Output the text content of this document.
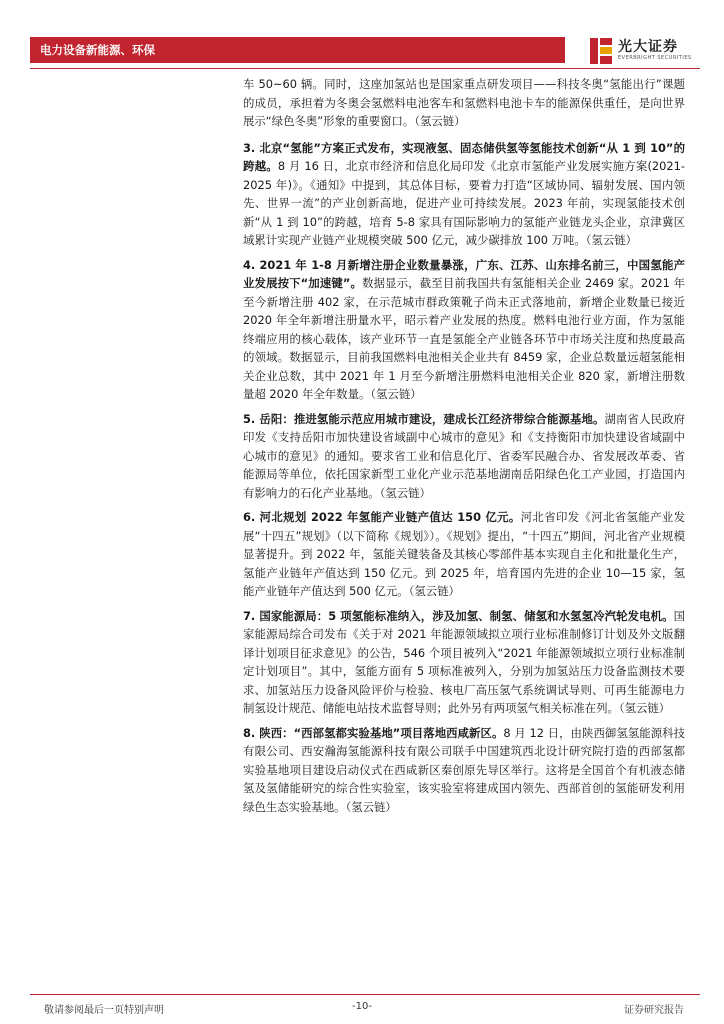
电力设备新能源、环保	光大证券
EVERBRIGHT SECURITIES

车 50~60 辆。同时，这座加氢站也是国家重点研发项目——科技冬奥“氢能出行”课题的成员，承担着为冬奥会氢燃料电池客车和氢燃料电池卡车的能源保供重任，是向世界展示“绿色冬奥”形象的重要窗口。（氢云链）

3. 北京“氢能”方案正式发布，实现液氢、固态储供氢等氢能技术创新“从 1 到 10”的跨越。8 月 16 日，北京市经济和信息化局印发《北京市氢能产业发展实施方案(2021-2025 年)》。《通知》中提到，其总体目标，要着力打造“区域协同、辐射发展、国内领先、世界一流”的产业创新高地，促进产业可持续发展。2023 年前，实现氢能技术创新“从 1 到 10”的跨越，培育 5-8 家具有国际影响力的氢能产业链龙头企业，京津冀区域累计实现产业链产业规模突破 500 亿元，减少碳排放 100 万吨。（氢云链）

4. 2021 年 1-8 月新增注册企业数量暴涨，广东、江苏、山东排名前三，中国氢能产业发展按下“加速键”。数据显示，截至目前我国共有氢能相关企业 2469 家。2021 年至今新增注册 402 家，在示范城市群政策靴子尚未正式落地前，新增企业数量已接近 2020 年全年新增注册量水平，昭示着产业发展的热度。燃料电池行业方面，作为氢能终端应用的核心载体，该产业环节一直是氢能全产业链各环节中市场关注度和热度最高的领域。数据显示，目前我国燃料电池相关企业共有 8459 家，企业总数量远超氢能相关企业总数，其中 2021 年 1 月至今新增注册燃料电池相关企业 820 家，新增注册数量超 2020 年全年数量。（氢云链）

5. 岳阳：推进氢能示范应用城市建设，建成长江经济带综合能源基地。湖南省人民政府印发《支持岳阳市加快建设省域副中心城市的意见》和《支持衡阳市加快建设省域副中心城市的意见》的通知。要求省工业和信息化厅、省委军民融合办、省发展改革委、省能源局等单位，依托国家新型工业化产业示范基地湖南岳阳绿色化工产业园，打造国内有影响力的石化产业基地。（氢云链）

6. 河北规划 2022 年氢能产业链产值达 150 亿元。河北省印发《河北省氢能产业发展“十四五”规划》（以下简称《规划》）。《规划》提出，“十四五”期间，河北省产业规模显著提升。到 2022 年，氢能关键装备及其核心零部件基本实现自主化和批量化生产，氢能产业链年产值达到 150 亿元。到 2025 年，培育国内先进的企业 10—15 家，氢能产业链年产值达到 500 亿元。（氢云链）

7. 国家能源局：5 项氢能标准纳入，涉及加氢、制氢、储氢和水氢氢冷汽轮发电机。国家能源局综合司发布《关于对 2021 年能源领域拟立项行业标准制修订计划及外文版翻译计划项目征求意见》的公告，546 个项目被列入“2021 年能源领域拟立项行业标准制定计划项目”。其中，氢能方面有 5 项标准被列入，分别为加氢站压力设备监测技术要求、加氢站压力设备风险评价与检验、核电厂高压氢气系统调试导则、可再生能源电力制氢设计规范、储能电站技术监督导则；此外另有两项氢气相关标准在列。（氢云链）

8. 陕西：“西部氢都实验基地”项目落地西咸新区。8 月 12 日，由陕西御氢氢能源科技有限公司、西安瀚海氢能源科技有限公司联手中国建筑西北设计研究院打造的西部氢都实验基地项目建设启动仪式在西咸新区秦创原先导区举行。这将是全国首个有机液态储氢及氢储能研究的综合性实验室，该实验室将建成国内领先、西部首创的氢能研发利用绿色生态实验基地。（氢云链）

敬请参阅最后一页特别声明	-10-	证券研究报告
